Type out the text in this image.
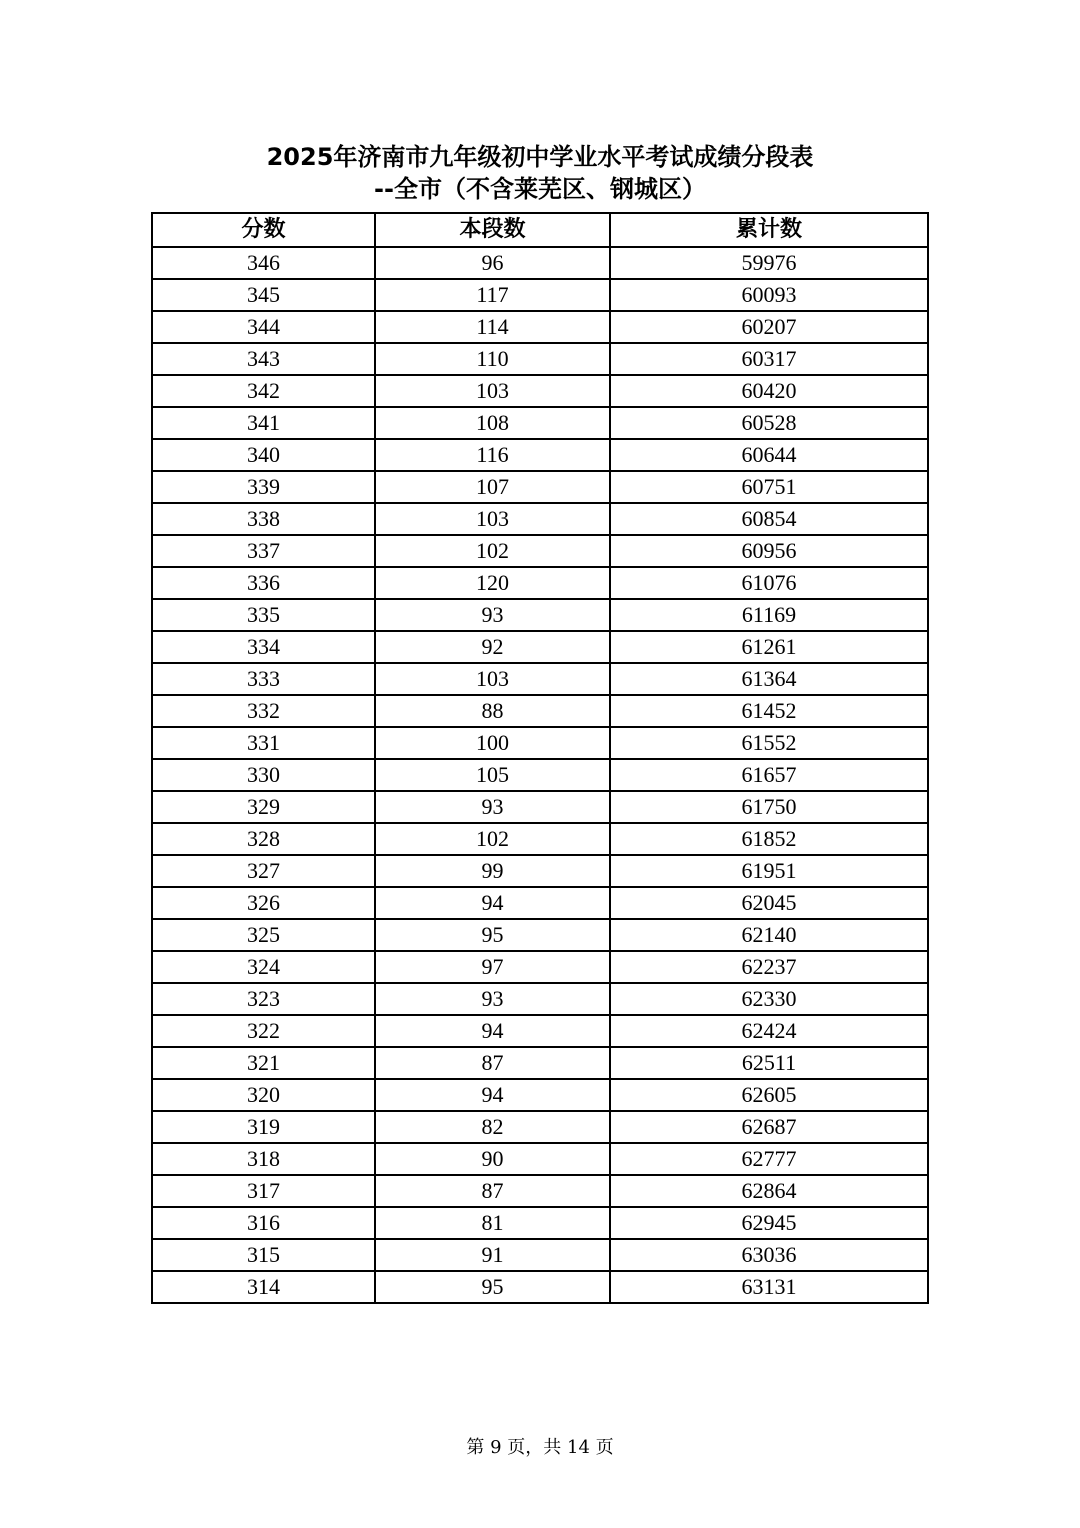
2025年济南市九年级初中学业水平考试成绩分段表
--全市（不含莱芜区、钢城区）
分数	本段数	累计数
346	96	59976
345	117	60093
344	114	60207
343	110	60317
342	103	60420
341	108	60528
340	116	60644
339	107	60751
338	103	60854
337	102	60956
336	120	61076
335	93	61169
334	92	61261
333	103	61364
332	88	61452
331	100	61552
330	105	61657
329	93	61750
328	102	61852
327	99	61951
326	94	62045
325	95	62140
324	97	62237
323	93	62330
322	94	62424
321	87	62511
320	94	62605
319	82	62687
318	90	62777
317	87	62864
316	81	62945
315	91	63036
314	95	63131
第 9 页，共 14 页
